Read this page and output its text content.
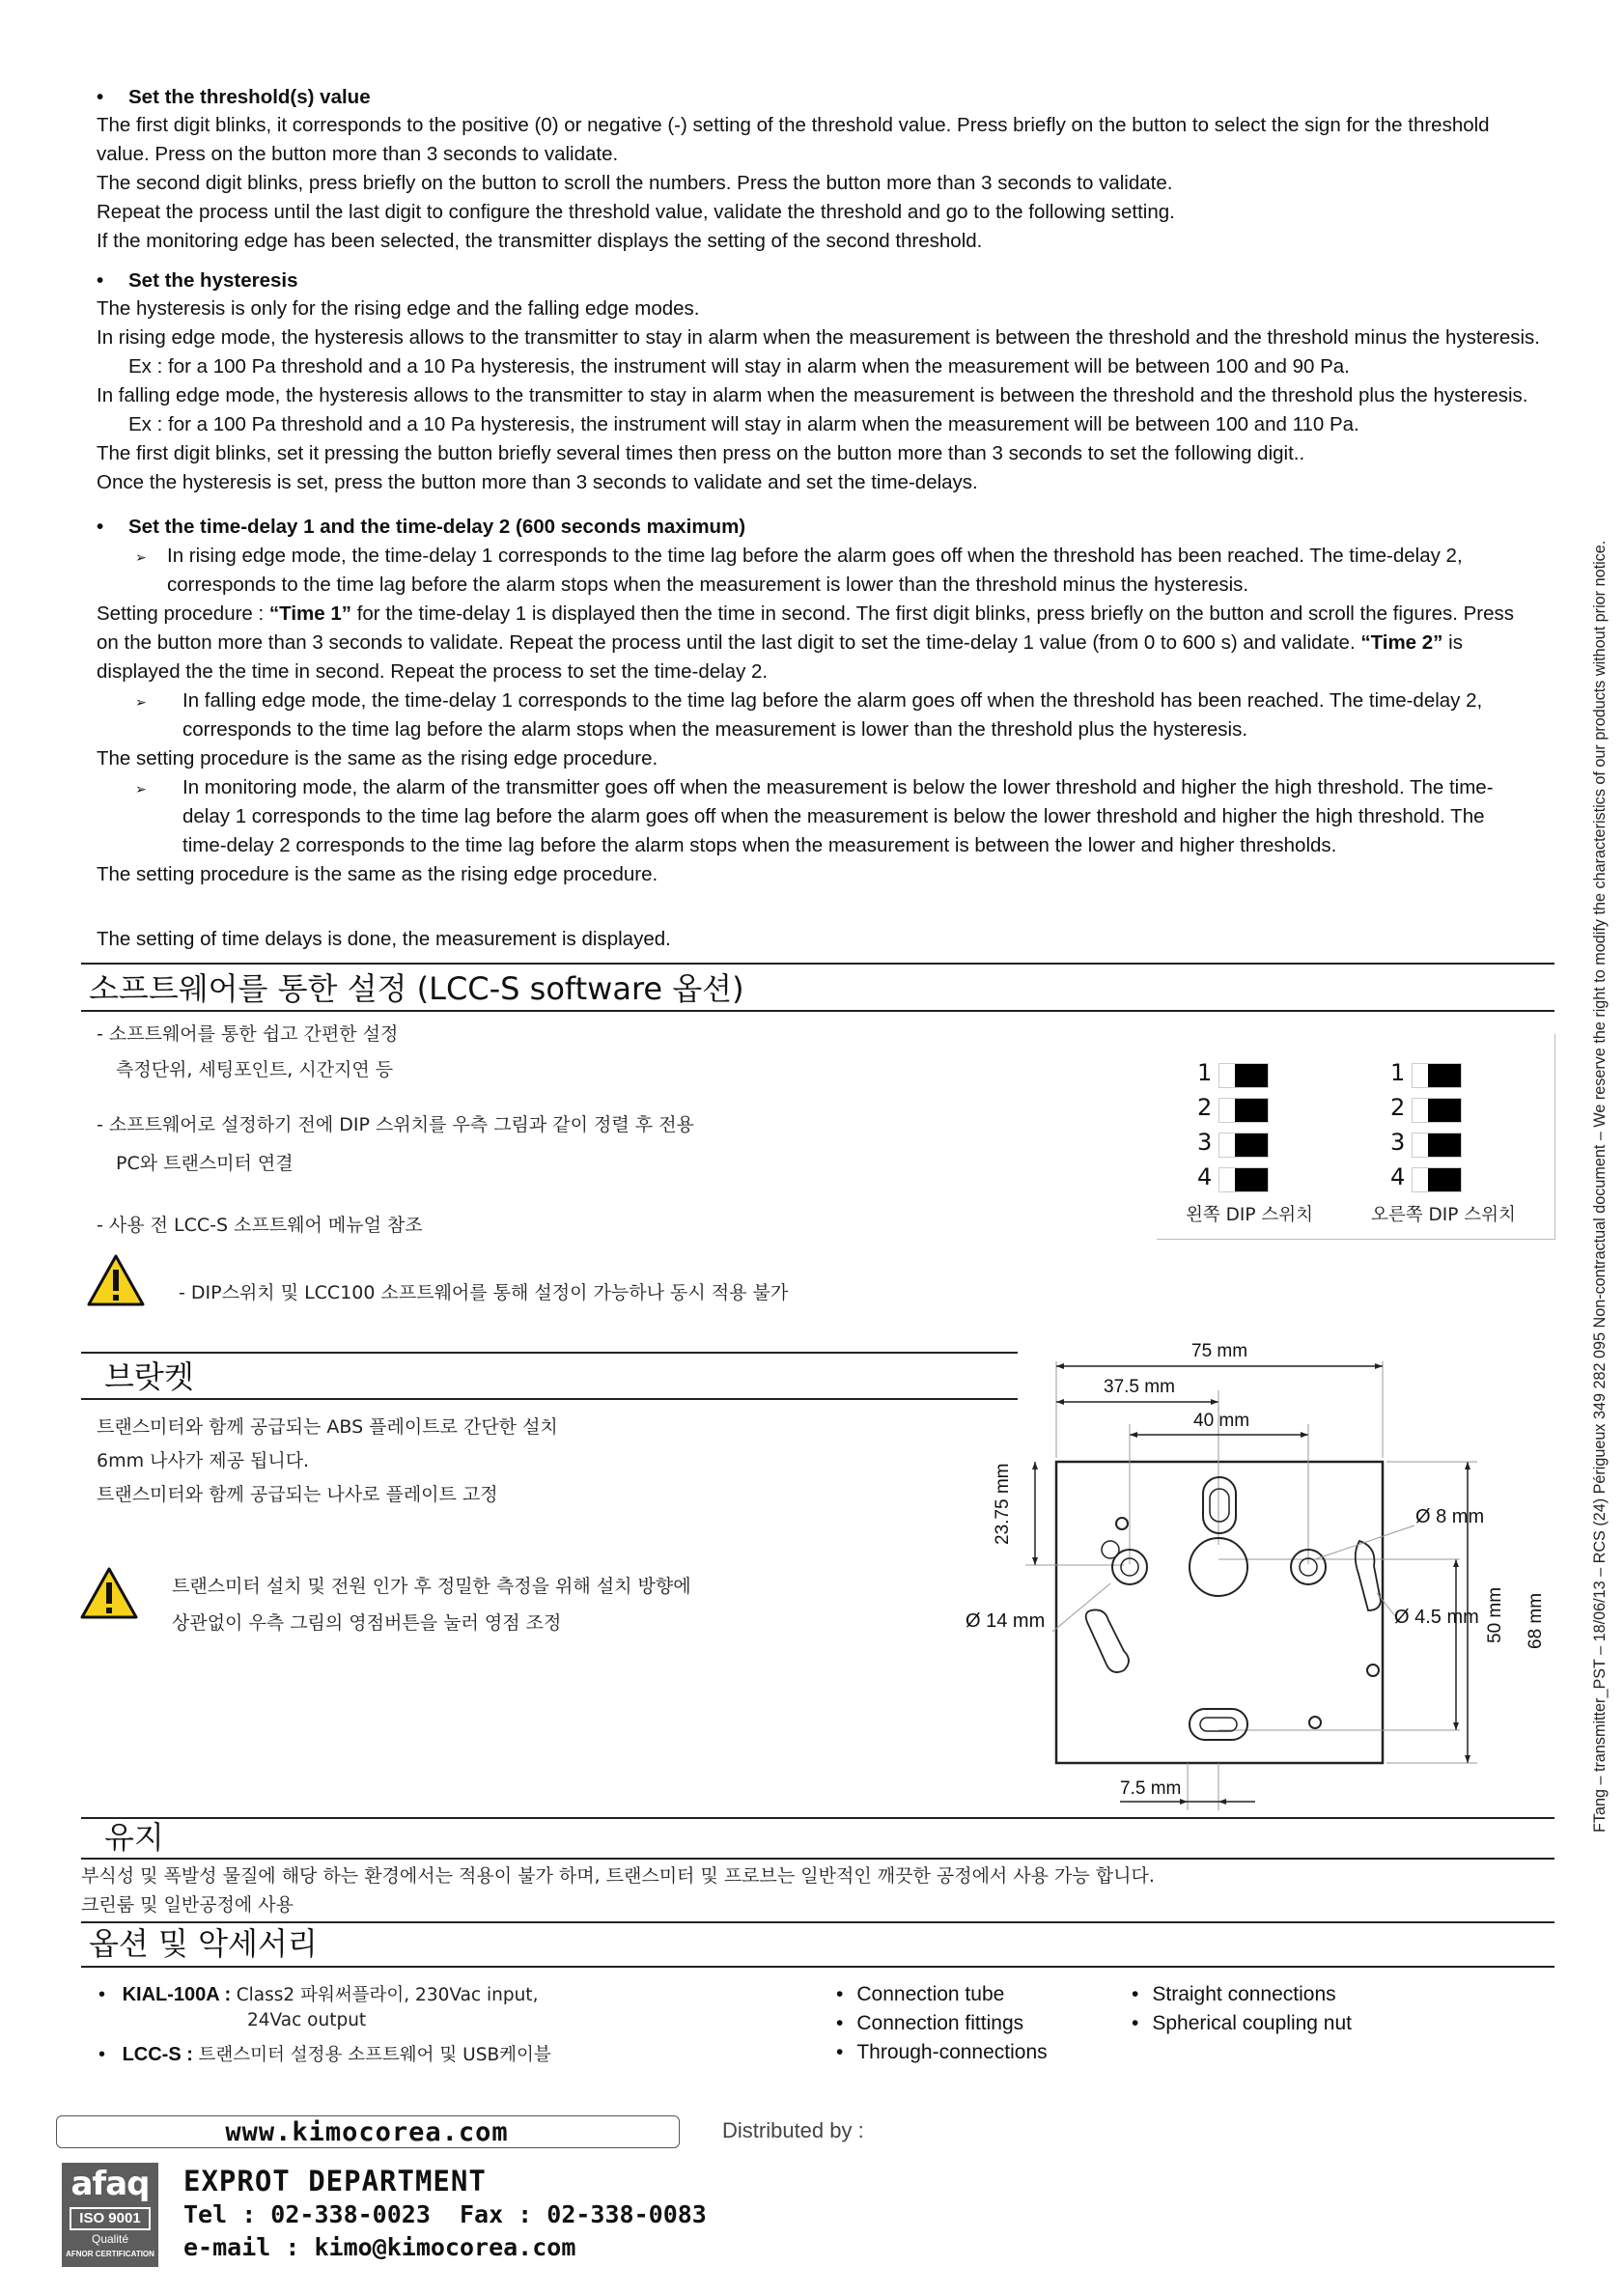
• Set the threshold(s) value
The first digit blinks, it corresponds to the positive (0) or negative (-) setting of the threshold value. Press briefly on the button to select the sign for the threshold
value. Press on the button more than 3 seconds to validate.
The second digit blinks, press briefly on the button to scroll the numbers. Press the button more than 3 seconds to validate.
Repeat the process until the last digit to configure the threshold value, validate the threshold and go to the following setting.
If the monitoring edge has been selected, the transmitter displays the setting of the second threshold.
• Set the hysteresis
The hysteresis is only for the rising edge and the falling edge modes.
In rising edge mode, the hysteresis allows to the transmitter to stay in alarm when the measurement is between the threshold and the threshold minus the hysteresis.
Ex : for a 100 Pa threshold and a 10 Pa hysteresis, the instrument will stay in alarm when the measurement will be between 100 and 90 Pa.
In falling edge mode, the hysteresis allows to the transmitter to stay in alarm when the measurement is between the threshold and the threshold plus the hysteresis.
Ex : for a 100 Pa threshold and a 10 Pa hysteresis, the instrument will stay in alarm when the measurement will be between 100 and 110 Pa.
The first digit blinks, set it pressing the button briefly several times then press on the button more than 3 seconds to set the following digit..
Once the hysteresis is set, press the button more than 3 seconds to validate and set the time-delays.
• Set the time-delay 1 and the time-delay 2 (600 seconds maximum)
➢ In rising edge mode, the time-delay 1 corresponds to the time lag before the alarm goes off when the threshold has been reached. The time-delay 2,
corresponds to the time lag before the alarm stops when the measurement is lower than the threshold minus the hysteresis.
Setting procedure : “Time 1” for the time-delay 1 is displayed then the time in second. The first digit blinks, press briefly on the button and scroll the figures. Press
on the button more than 3 seconds to validate. Repeat the process until the last digit to set the time-delay 1 value (from 0 to 600 s) and validate. “Time 2” is
displayed the the time in second. Repeat the process to set the time-delay 2.
➢ In falling edge mode, the time-delay 1 corresponds to the time lag before the alarm goes off when the threshold has been reached. The time-delay 2,
corresponds to the time lag before the alarm stops when the measurement is lower than the threshold plus the hysteresis.
The setting procedure is the same as the rising edge procedure.
➢ In monitoring mode, the alarm of the transmitter goes off when the measurement is below the lower threshold and higher the high threshold. The time-
delay 1 corresponds to the time lag before the alarm goes off when the measurement is below the lower threshold and higher the high threshold. The
time-delay 2 corresponds to the time lag before the alarm stops when the measurement is between the lower and higher thresholds.
The setting procedure is the same as the rising edge procedure.
The setting of time delays is done, the measurement is displayed.
소프트웨어를 통한 설정 (LCC-S software 옵션)
- 소프트웨어를 통한 쉽고 간편한 설정
측정단위, 세팅포인트, 시간지연 등
- 소프트웨어로 설정하기 전에 DIP 스위치를 우측 그림과 같이 정렬 후 전용
PC와 트랜스미터 연결
- 사용 전 LCC-S 소프트웨어 메뉴얼 참조
- DIP스위치 및 LCC100 소프트웨어를 통해 설정이 가능하나 동시 적용 불가
1
2
3
4
1
2
3
4
왼쪽 DIP 스위치	오른쪽 DIP 스위치
브랏켓
트랜스미터와 함께 공급되는 ABS 플레이트로 간단한 설치
6mm 나사가 제공 됩니다.
트랜스미터와 함께 공급되는 나사로 플레이트 고정
트랜스미터 설치 및 전원 인가 후 정밀한 측정을 위해 설치 방향에
상관없이 우측 그림의 영점버튼을 눌러 영점 조정
75 mm
37.5 mm
40 mm
23.75 mm	Ø 8 mm
Ø 14 mm	Ø 4.5 mm 50 mm 68 mm
7.5 mm
유지
부식성 및 폭발성 물질에 해당 하는 환경에서는 적용이 불가 하며, 트랜스미터 및 프로브는 일반적인 깨끗한 공정에서 사용 가능 합니다.
크린룸 및 일반공정에 사용
옵션 및 악세서리
• KIAL-100A : Class2 파워써플라이, 230Vac input,
24Vac output
• LCC-S : 트랜스미터 설정용 소프트웨어 및 USB케이블
• Connection tube
• Connection fittings
• Through-connections
• Straight connections
• Spherical coupling nut
www.kimocorea.com	Distributed by :
afaq
ISO 9001
Qualité
AFNOR CERTIFICATION
EXPROT DEPARTMENT
Tel : 02-338-0023  Fax : 02-338-0083
e-mail : kimo@kimocorea.com
FTang – transmitter_PST – 18/06/13 – RCS (24) Périgueux 349 282 095 Non-contractual document – We reserve the right to modify the characteristics of our products without prior notice.
